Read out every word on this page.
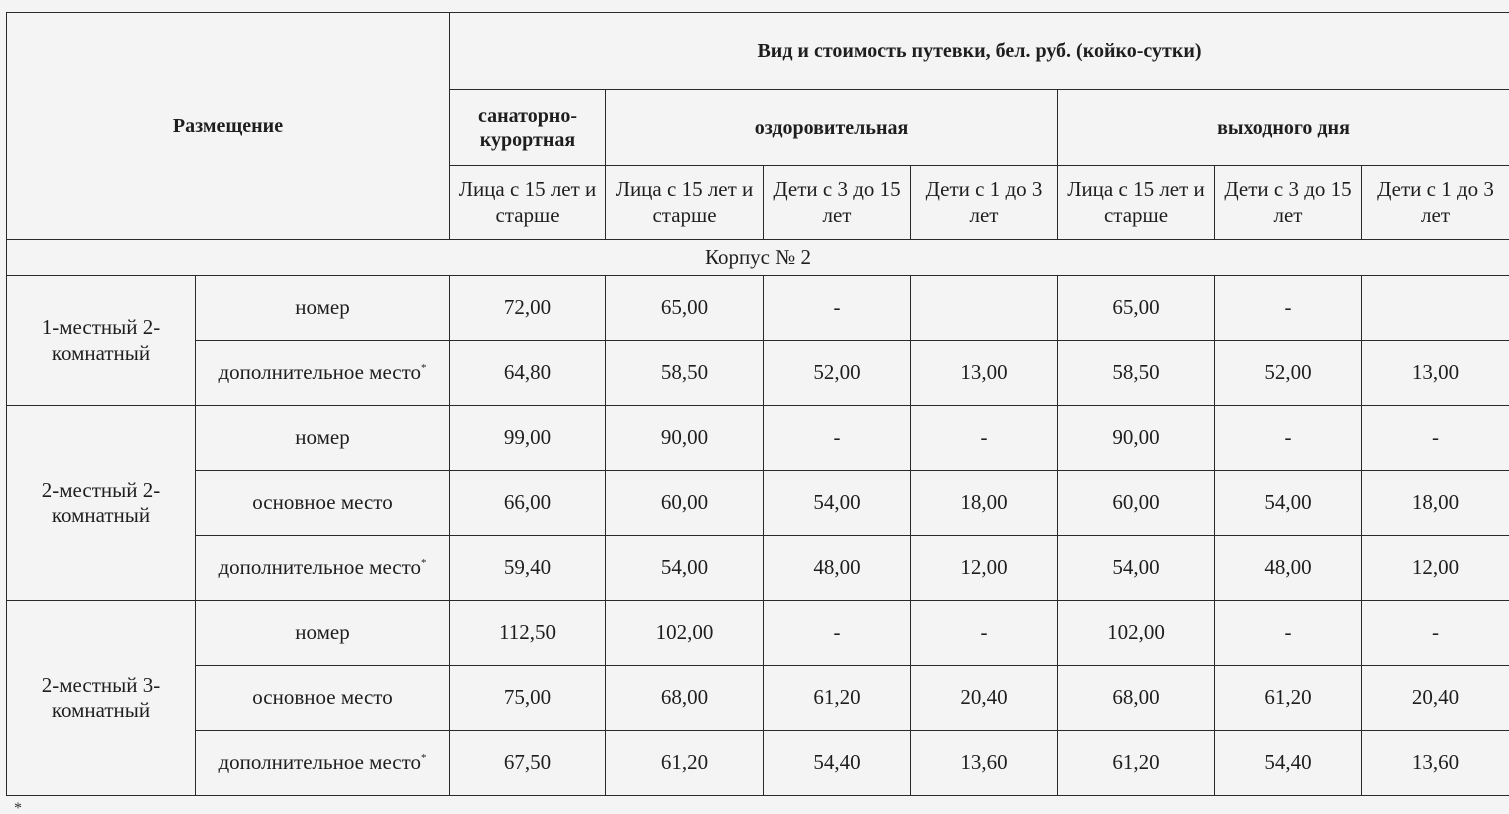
Размещение		Вид и стоимость путевки, бел. руб. (койко-сутки)						
		санаторно-курортная	оздоровительная			выходного дня		
		Лица с 15 лет и старше	Лица с 15 лет и старше	Дети с 3 до 15 лет	Дети с 1 до 3 лет	Лица с 15 лет и старше	Дети с 3 до 15 лет	Дети с 1 до 3 лет
Корпус № 2								
1-местный 2-комнатный	номер	72,00	65,00	-		65,00	-	
	дополнительное место*	64,80	58,50	52,00	13,00	58,50	52,00	13,00
2-местный 2-комнатный	номер	99,00	90,00	-	-	90,00	-	-
	основное место	66,00	60,00	54,00	18,00	60,00	54,00	18,00
	дополнительное место*	59,40	54,00	48,00	12,00	54,00	48,00	12,00
2-местный 3-комнатный	номер	112,50	102,00	-	-	102,00	-	-
	основное место	75,00	68,00	61,20	20,40	68,00	61,20	20,40
	дополнительное место*	67,50	61,20	54,40	13,60	61,20	54,40	13,60
*
